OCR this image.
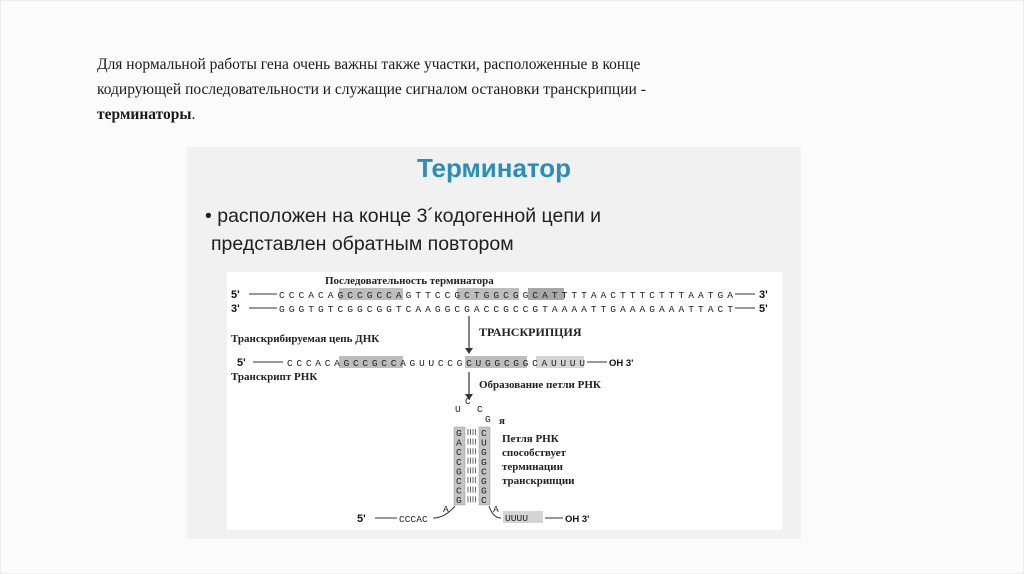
Для нормальной работы гена очень важны также участки, расположенные в конце
кодирующей последовательности и служащие сигналом остановки транскрипции -
терминаторы.
Терминатор
• расположен на конце 3´кодогенной цепи и
представлен обратным повтором
Последовательность терминатора
5'	CCCACAGCCGCCAGTTCCGCTGGCGGCATTTTAACTTTCTTTAATGA 3'
3'	GGGTGTCGGCGGTCAAGGCGACCGCCGTAAAATTGAAAGAAATTACT 5'
Транскрибируемая цепь ДНК	ТРАНСКРИПЦИЯ
5'	CCCACAGCCGCCAGUUCCGCUGGCGGCAUUUU	OH 3'
Транскрипт РНК
Образование петли РНК
U
C
C
G я
G C
A U
C G
C G
G C
C G
C G
G C
Петля РНК
способствует
терминации
транскрипции
5'	CCCAC
A	A
UUUU	OH 3'
